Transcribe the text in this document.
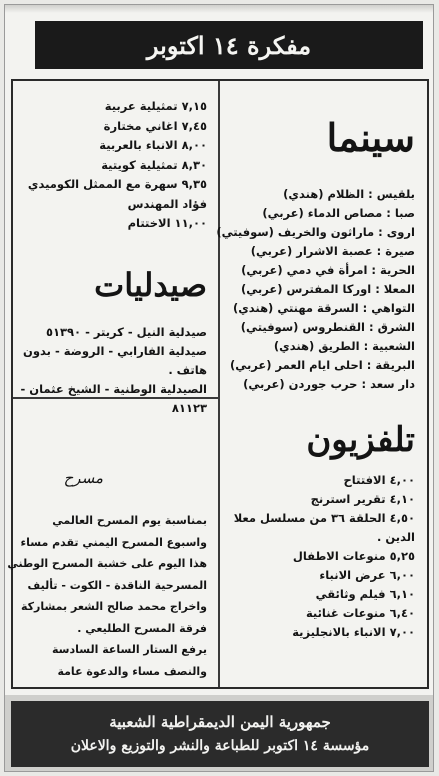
مفكرة ١٤ اكتوبر
سينما
بلقيس : الظلام (هندي)
صبا : مصاص الدماء (عربي)
اروى : ماراثون والخريف (سوفيتي)
صيرة : عصبة الاشرار (عربي)
الحرية : امرأة في دمي (عربي)
المعلا : اوركا المفترس (عربي)
التواهي : السرقة مهنتي (هندي)
الشرق : القنطروس (سوفيتي)
الشعبية : الطريق (هندي)
البريقة : احلى ايام العمر (عربي)
دار سعد : حرب جوردن (عربي)
تلفزيون
٤,٠٠ الافتتاح
٤,١٠ تقرير استرنج
٤,٥٠ الحلقة ٣٦ من مسلسل معلا
الدين .
٥,٢٥ منوعات الاطفال
٦,٠٠ عرض الانباء
٦,١٠ فيلم وثائقي
٦,٤٠ منوعات غنائية
٧,٠٠ الانباء بالانجليزية
٧,١٥ تمثيلية عربية
٧,٤٥ اغاني مختارة
٨,٠٠ الانباء بالعربية
٨,٣٠ تمثيلية كويتية
٩,٣٥ سهرة مع الممثل الكوميدي
فؤاد المهندس
١١,٠٠ الاختتام
صيدليات
صيدلية النيل - كريتر - ٥١٣٩٠
صيدلية الفارابي - الروضة - بدون
هاتف .
الصيدلية الوطنية - الشيخ عثمان -
٨١١٢٣
مسرح
بمناسبة يوم المسرح العالمي
واسبوع المسرح اليمني تقدم مساء
هذا اليوم على خشبة المسرح الوطني
المسرحية الناقدة - الكوت - تأليف
واخراج محمد صالح الشعر بمشاركة
فرقة المسرح الطليعي .
يرفع الستار الساعة السادسة
والنصف مساء والدعوة عامة
جمهورية اليمن الديمقراطية الشعبية
مؤسسة ١٤ اكتوبر للطباعة والنشر والتوزيع والاعلان
